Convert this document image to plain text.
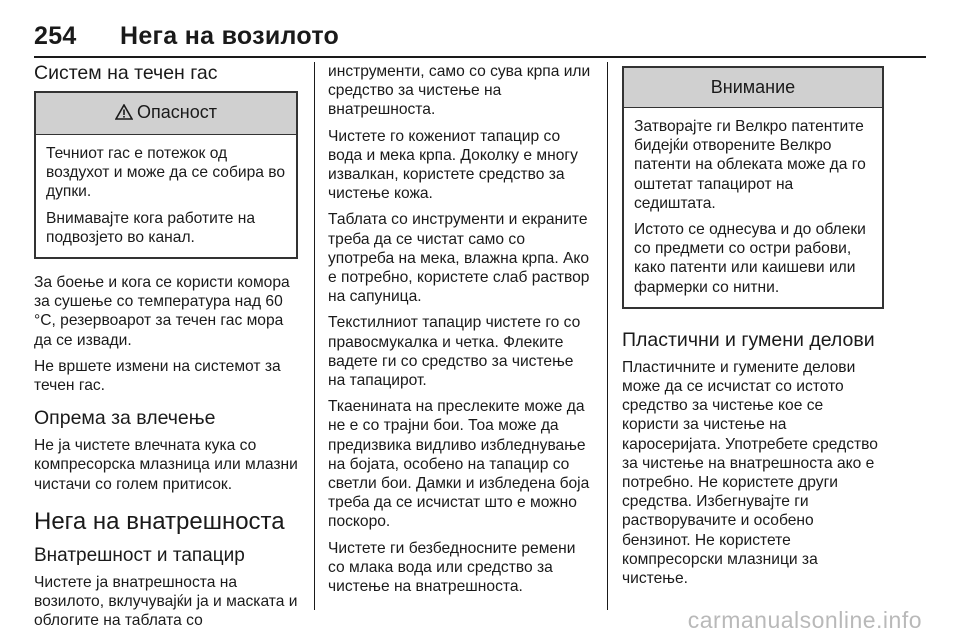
254 Нега на возилото
Систем на течен гас
Опасност

Течниот гас е потежок од воздухот и може да се собира во дупки.

Внимавајте кога работите на подвозјето во канал.

За боење и кога се користи комора за сушење со температура над 60 °C, резервоарот за течен гас мора да се извади.

Не вршете измени на системот за течен гас.

Опрема за влечење

Не ја чистете влечната кука со компресорска млазница или млазни чистачи со голем притисок.

Нега на внатрешноста
Внатрешност и тапацир

Чистете ја внатрешноста на возилото, вклучувајќи ја и маската и облогите на таблата со

инструменти, само со сува крпа или средство за чистење на внатрешноста.

Чистете го кожениот тапацир со вода и мека крпа. Доколку е многу извалкан, користете средство за чистење кожа.

Таблата со инструменти и екраните треба да се чистат само со употреба на мека, влажна крпа. Ако е потребно, користете слаб раствор на сапуница.

Текстилниот тапацир чистете го со правосмукалка и четка. Флеките вадете ги со средство за чистење на тапацирот.

Ткаенината на преслеките може да не е со трајни бои. Тоа може да предизвика видливо избледнување на бојата, особено на тапацир со светли бои. Дамки и избледена боја треба да се исчистат што е можно поскоро.

Чистете ги безбедносните ремени со млака вода или средство за чистење на внатрешноста.

Внимание

Затворајте ги Велкро патентите бидејќи отворените Велкро патенти на облеката може да го оштетат тапацирот на седиштата.

Истото се однесува и до облеки со предмети со остри рабови, како патенти или каишеви или фармерки со нитни.

Пластични и гумени делови

Пластичните и гумените делови може да се исчистат со истото средство за чистење кое се користи за чистење на каросеријата. Употребете средство за чистење на внатрешноста ако е потребно. Не користете други средства. Избегнувајте ги растворувачите и особено бензинот. Не користете компресорски млазници за чистење.

carmanualsonline.info
